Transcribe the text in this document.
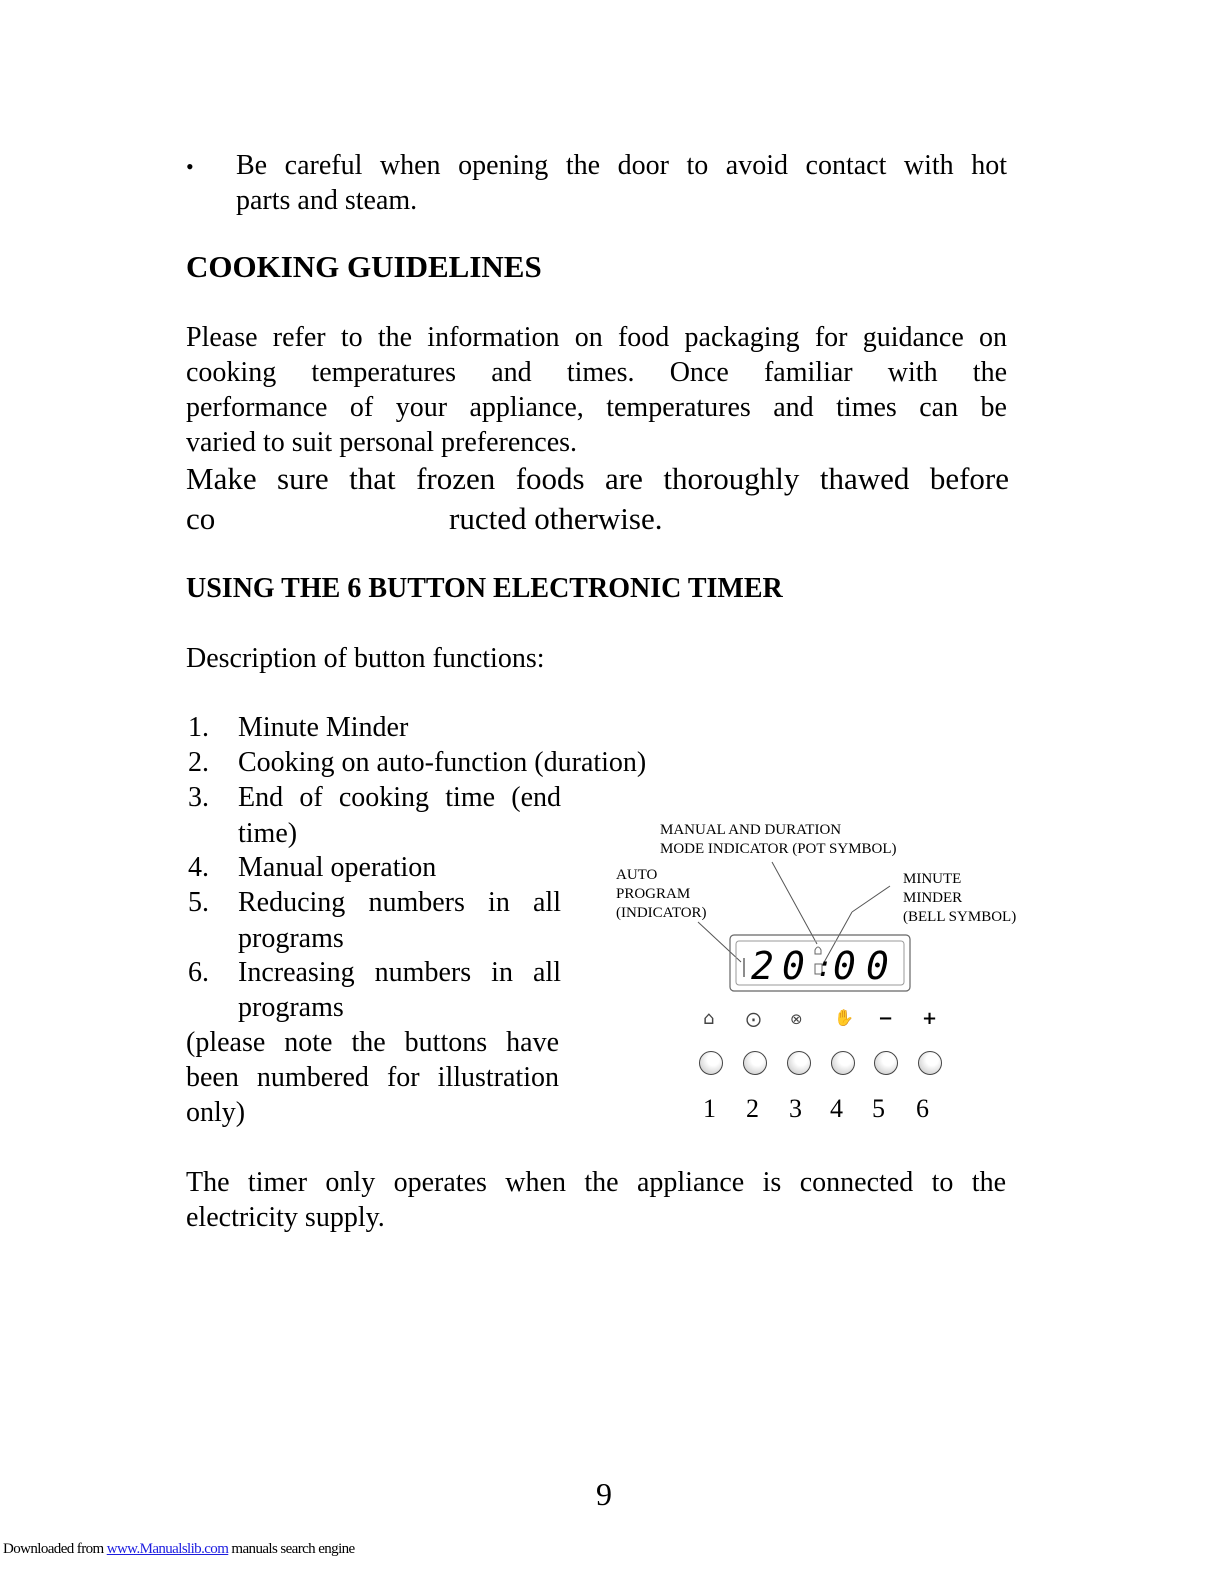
• Be careful when opening the door to avoid contact with hot
parts and steam.
COOKING GUIDELINES
Please refer to the information on food packaging for guidance on
cooking temperatures and times. Once familiar with the
performance of your appliance, temperatures and times can be
varied to suit personal preferences.
Make sure that frozen foods are thoroughly thawed before
co	ructed otherwise.
USING THE 6 BUTTON ELECTRONIC TIMER
Description of button functions:
1. Minute Minder
2. Cooking on auto-function (duration)
3. End of cooking time (end
time)
4. Manual operation
5. Reducing numbers in all
programs
6. Increasing numbers in all
programs
(please note the buttons have
been numbered for illustration
only)
MANUAL AND DURATION
MODE INDICATOR (POT SYMBOL)
AUTO
PROGRAM
(INDICATOR)
MINUTE
MINDER
(BELL SYMBOL)
2 0 : 0 0
⌂ ⨀ ⊗ ✋ − +
1 2 3 4 5 6
The timer only operates when the appliance is connected to the
electricity supply.
9
Downloaded from www.Manualslib.com manuals search engine
